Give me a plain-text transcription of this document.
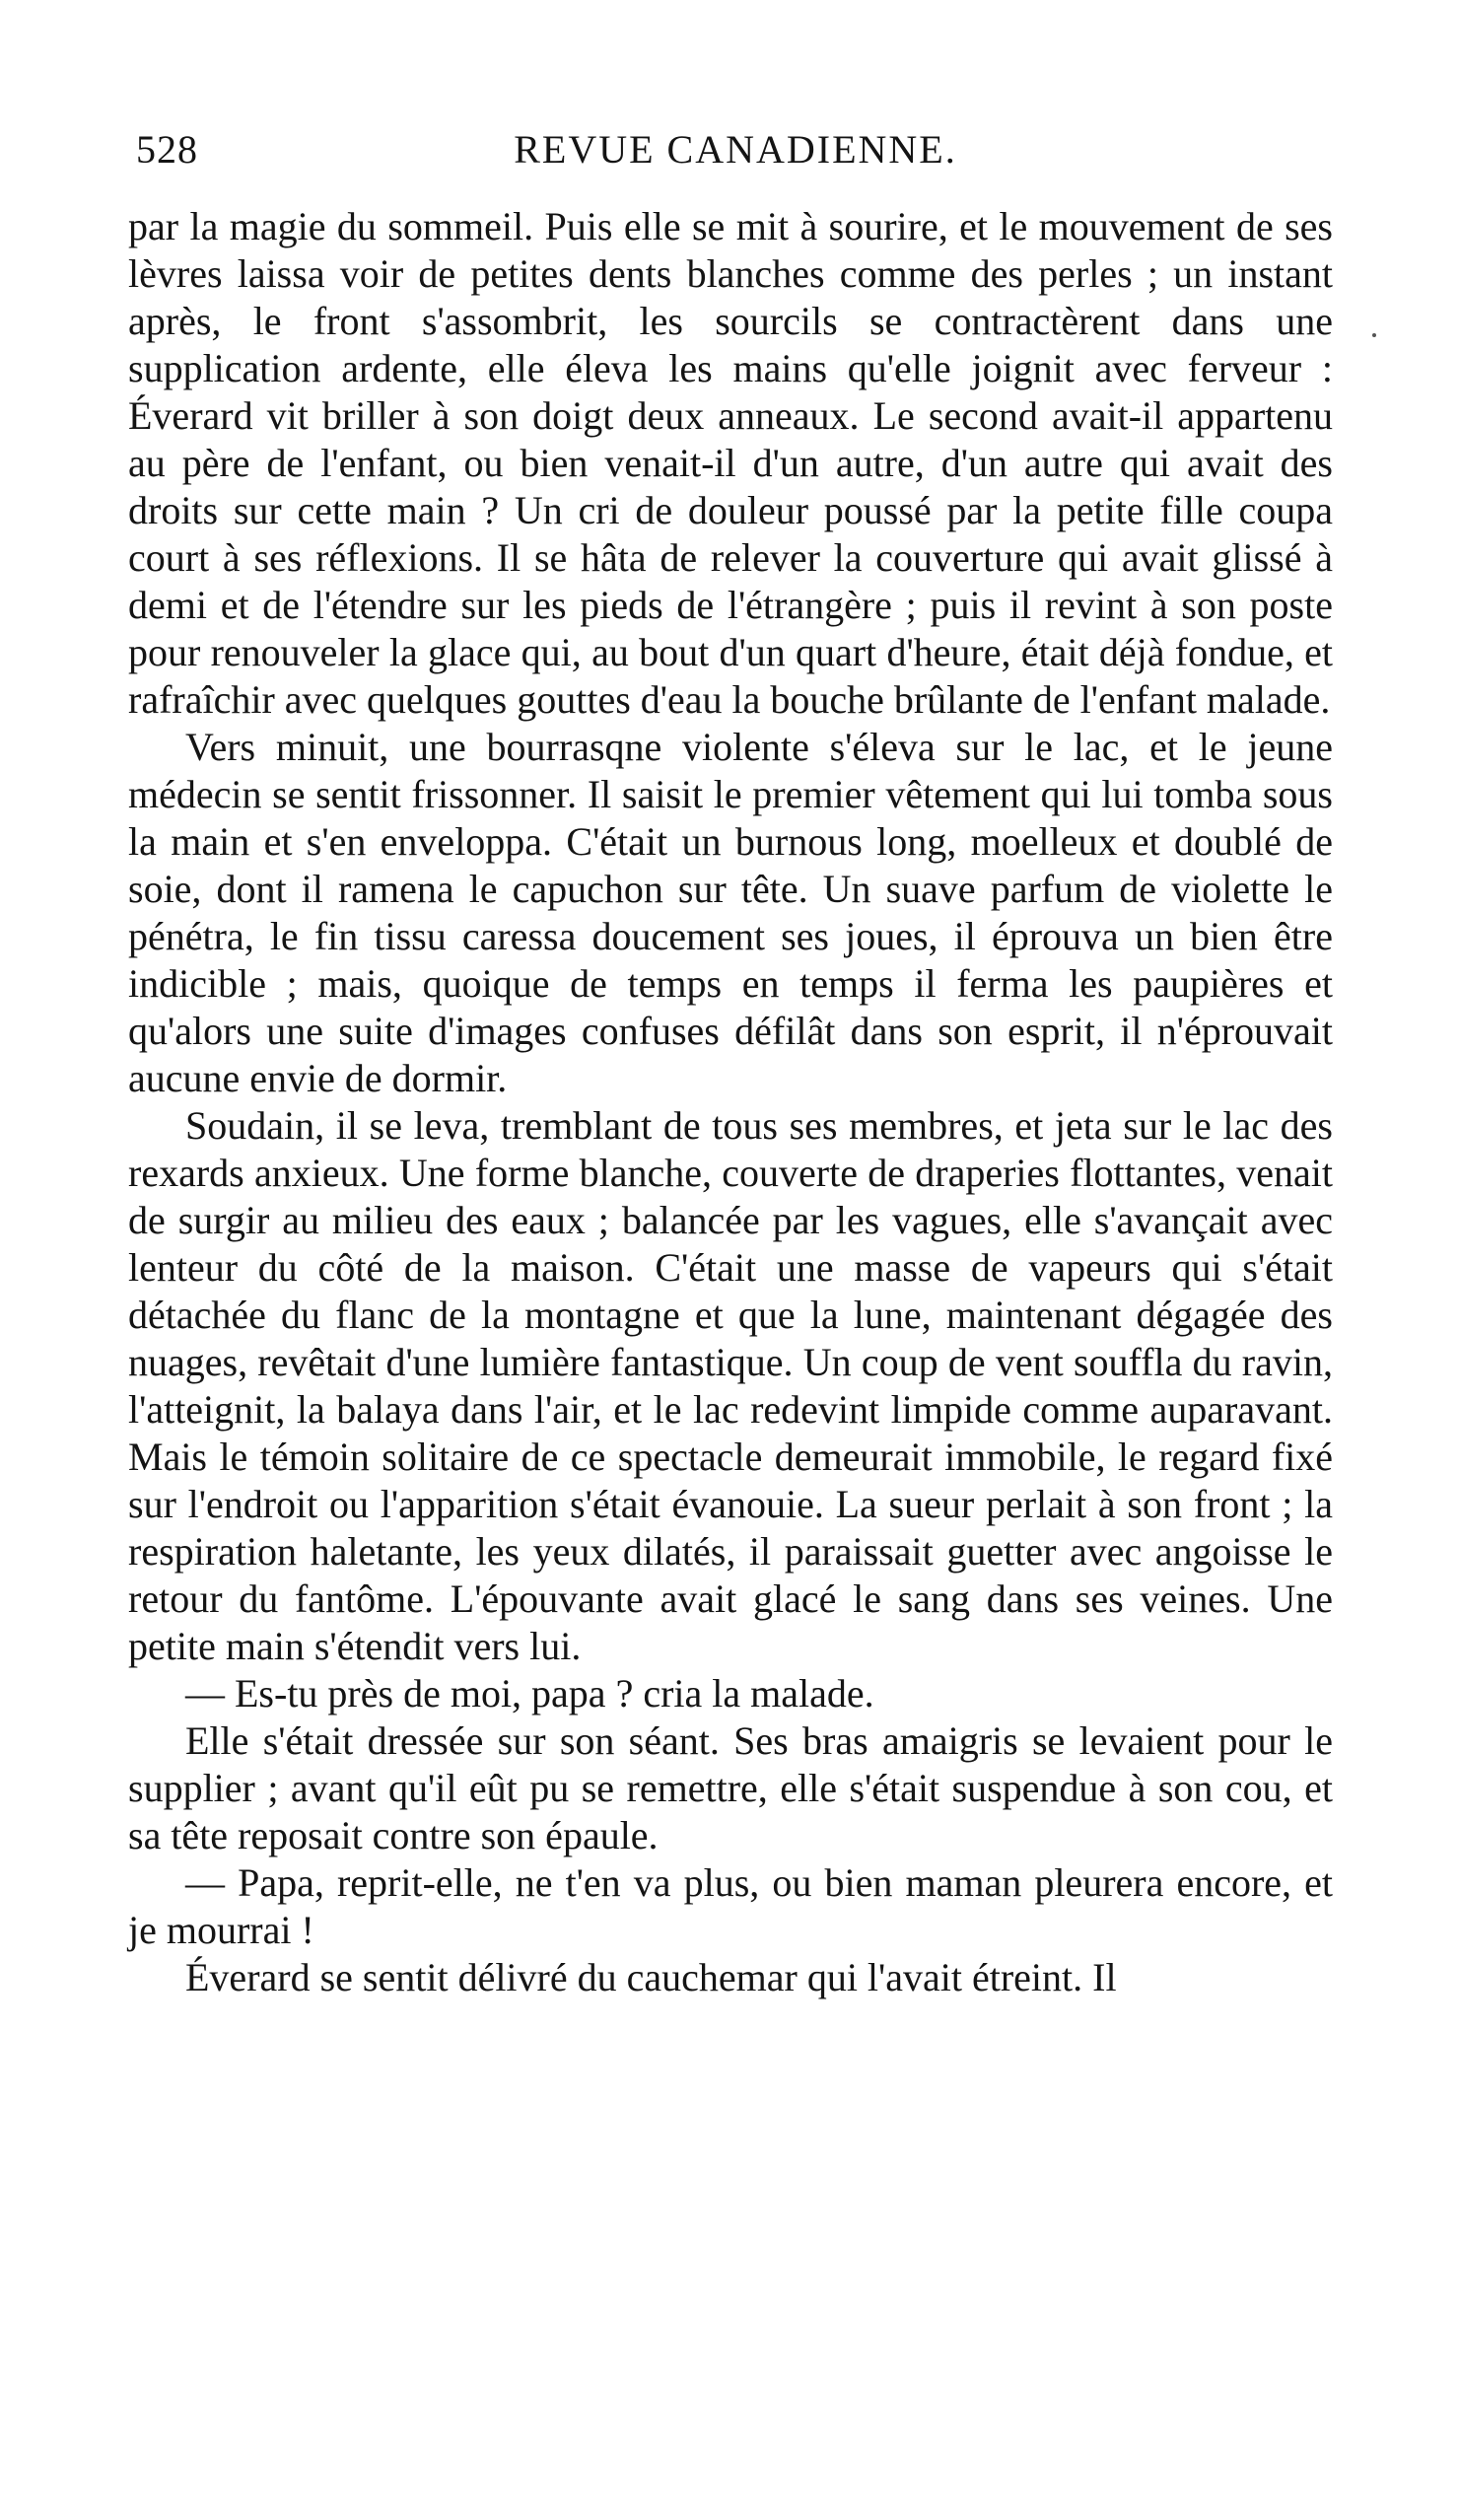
528	REVUE CANADIENNE.

par la magie du sommeil. Puis elle se mit à sourire, et le mouvement de ses lèvres laissa voir de petites dents blanches comme des perles ; un instant après, le front s'assombrit, les sourcils se contractèrent dans une supplication ardente, elle éleva les mains qu'elle joignit avec ferveur : Éverard vit briller à son doigt deux anneaux. Le second avait-il appartenu au père de l'enfant, ou bien venait-il d'un autre, d'un autre qui avait des droits sur cette main ? Un cri de douleur poussé par la petite fille coupa court à ses réflexions. Il se hâta de relever la couverture qui avait glissé à demi et de l'étendre sur les pieds de l'étrangère ; puis il revint à son poste pour renouveler la glace qui, au bout d'un quart d'heure, était déjà fondue, et rafraîchir avec quelques gouttes d'eau la bouche brûlante de l'enfant malade.

Vers minuit, une bourrasqne violente s'éleva sur le lac, et le jeune médecin se sentit frissonner. Il saisit le premier vêtement qui lui tomba sous la main et s'en enveloppa. C'était un burnous long, moelleux et doublé de soie, dont il ramena le capuchon sur tête. Un suave parfum de violette le pénétra, le fin tissu caressa doucement ses joues, il éprouva un bien être indicible ; mais, quoique de temps en temps il ferma les paupières et qu'alors une suite d'images confuses défilât dans son esprit, il n'éprouvait aucune envie de dormir.

Soudain, il se leva, tremblant de tous ses membres, et jeta sur le lac des rexards anxieux. Une forme blanche, couverte de draperies flottantes, venait de surgir au milieu des eaux ; balancée par les vagues, elle s'avançait avec lenteur du côté de la maison. C'était une masse de vapeurs qui s'était détachée du flanc de la montagne et que la lune, maintenant dégagée des nuages, revêtait d'une lumière fantastique. Un coup de vent souffla du ravin, l'atteignit, la balaya dans l'air, et le lac redevint limpide comme auparavant. Mais le témoin solitaire de ce spectacle demeurait immobile, le regard fixé sur l'endroit ou l'apparition s'était évanouie. La sueur perlait à son front ; la respiration haletante, les yeux dilatés, il paraissait guetter avec angoisse le retour du fantôme. L'épouvante avait glacé le sang dans ses veines. Une petite main s'étendit vers lui.

— Es-tu près de moi, papa ? cria la malade.

Elle s'était dressée sur son séant. Ses bras amaigris se levaient pour le supplier ; avant qu'il eût pu se remettre, elle s'était suspendue à son cou, et sa tête reposait contre son épaule.

— Papa, reprit-elle, ne t'en va plus, ou bien maman pleurera encore, et je mourrai !

Éverard se sentit délivré du cauchemar qui l'avait étreint. Il
